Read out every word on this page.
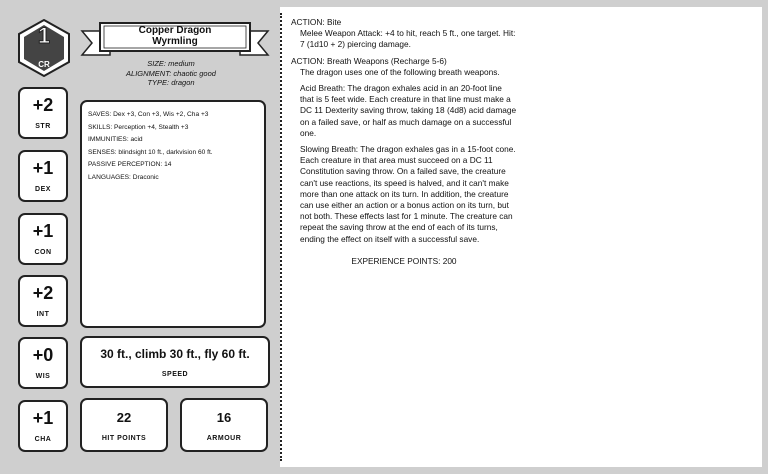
1
CR
Copper Dragon Wyrmling
SIZE: medium
ALIGNMENT: chaotic good
TYPE: dragon
+2
STR
+1
DEX
+1
CON
+2
INT
+0
WIS
+1
CHA
SAVES: Dex +3, Con +3, Wis +2, Cha +3
SKILLS: Perception +4, Stealth +3
IMMUNITIES: acid
SENSES: blindsight 10 ft., darkvision 60 ft.
PASSIVE PERCEPTION: 14
LANGUAGES: Draconic
30 ft., climb 30 ft., fly 60 ft.
SPEED
22
HIT POINTS
16
ARMOUR
ACTION: Bite
Melee Weapon Attack: +4 to hit, reach 5 ft., one target. Hit: 7 (1d10 + 2) piercing damage.
ACTION: Breath Weapons (Recharge 5-6)
The dragon uses one of the following breath weapons.
Acid Breath: The dragon exhales acid in an 20-foot line that is 5 feet wide. Each creature in that line must make a DC 11 Dexterity saving throw, taking 18 (4d8) acid damage on a failed save, or half as much damage on a successful one.
Slowing Breath: The dragon exhales gas in a 15-foot cone. Each creature in that area must succeed on a DC 11 Constitution saving throw. On a failed save, the creature can't use reactions, its speed is halved, and it can't make more than one attack on its turn. In addition, the creature can use either an action or a bonus action on its turn, but not both. These effects last for 1 minute. The creature can repeat the saving throw at the end of each of its turns, ending the effect on itself with a successful save.
EXPERIENCE POINTS: 200
